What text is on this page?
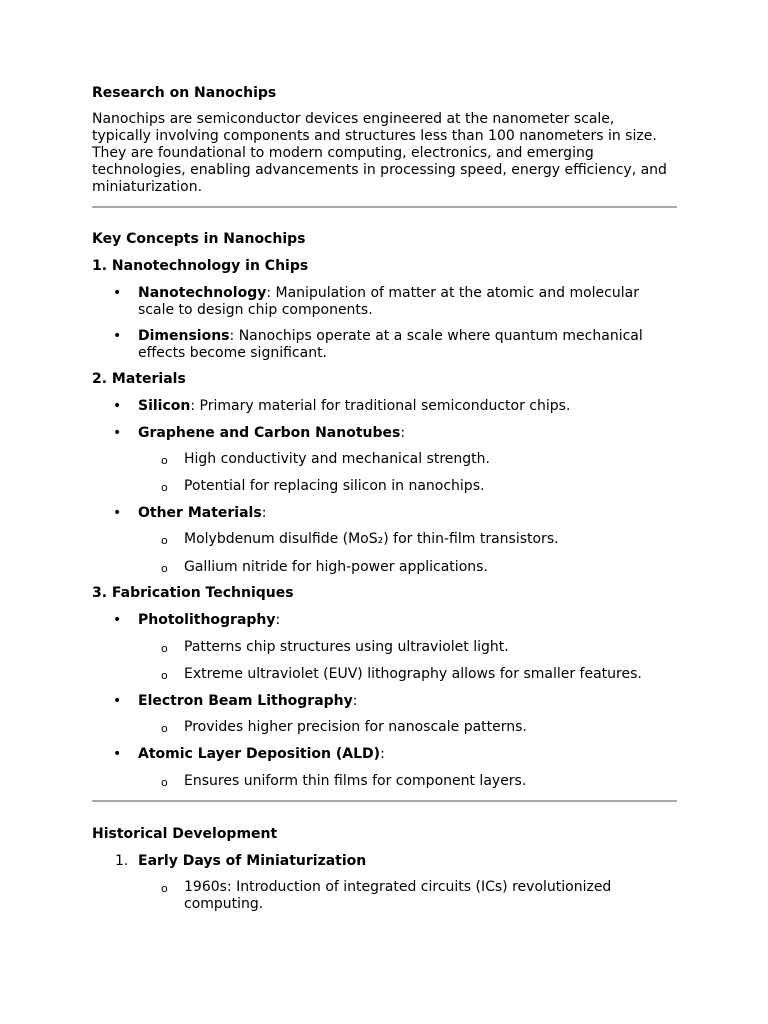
Research on Nanochips
Nanochips are semiconductor devices engineered at the nanometer scale, typically involving components and structures less than 100 nanometers in size. They are foundational to modern computing, electronics, and emerging technologies, enabling advancements in processing speed, energy efficiency, and miniaturization.
Key Concepts in Nanochips
1. Nanotechnology in Chips
• Nanotechnology: Manipulation of matter at the atomic and molecular scale to design chip components.
• Dimensions: Nanochips operate at a scale where quantum mechanical effects become significant.
2. Materials
• Silicon: Primary material for traditional semiconductor chips.
• Graphene and Carbon Nanotubes:
o High conductivity and mechanical strength.
o Potential for replacing silicon in nanochips.
• Other Materials:
o Molybdenum disulfide (MoS₂) for thin-film transistors.
o Gallium nitride for high-power applications.
3. Fabrication Techniques
• Photolithography:
o Patterns chip structures using ultraviolet light.
o Extreme ultraviolet (EUV) lithography allows for smaller features.
• Electron Beam Lithography:
o Provides higher precision for nanoscale patterns.
• Atomic Layer Deposition (ALD):
o Ensures uniform thin films for component layers.
Historical Development
1. Early Days of Miniaturization
o 1960s: Introduction of integrated circuits (ICs) revolutionized computing.
